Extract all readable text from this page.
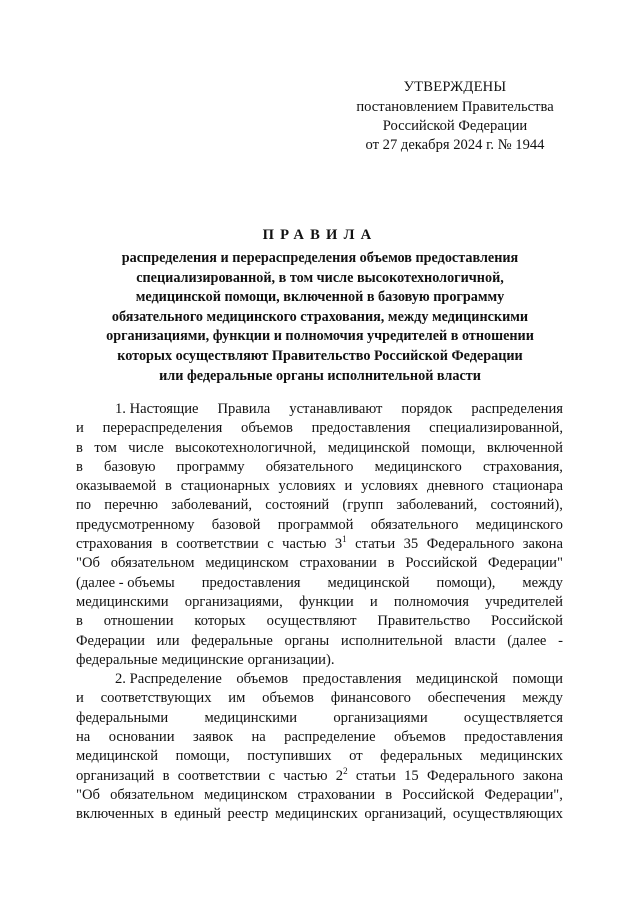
УТВЕРЖДЕНЫ
постановлением Правительства
Российской Федерации
от 27 декабря 2024 г. № 1944
ПРАВИЛА
распределения и перераспределения объемов предоставления
специализированной, в том числе высокотехнологичной,
медицинской помощи, включенной в базовую программу
обязательного медицинского страхования, между медицинскими
организациями, функции и полномочия учредителей в отношении
которых осуществляют Правительство Российской Федерации
или федеральные органы исполнительной власти
1. Настоящие Правила устанавливают порядок распределения
и перераспределения объемов предоставления специализированной,
в том числе высокотехнологичной, медицинской помощи, включенной
в базовую программу обязательного медицинского страхования,
оказываемой в стационарных условиях и условиях дневного стационара
по перечню заболеваний, состояний (групп заболеваний, состояний),
предусмотренному базовой программой обязательного медицинского
страхования в соответствии с частью $3^1$ статьи 35 Федерального закона
"Об обязательном медицинском страховании в Российской Федерации"
(далее - объемы предоставления медицинской помощи), между
медицинскими организациями, функции и полномочия учредителей
в отношении которых осуществляют Правительство Российской
Федерации или федеральные органы исполнительной власти (далее -
федеральные медицинские организации).
2. Распределение объемов предоставления медицинской помощи
и соответствующих им объемов финансового обеспечения между
федеральными медицинскими организациями осуществляется
на основании заявок на распределение объемов предоставления
медицинской помощи, поступивших от федеральных медицинских
организаций в соответствии с частью $2^2$ статьи 15 Федерального закона
"Об обязательном медицинском страховании в Российской Федерации",
включенных в единый реестр медицинских организаций, осуществляющих
